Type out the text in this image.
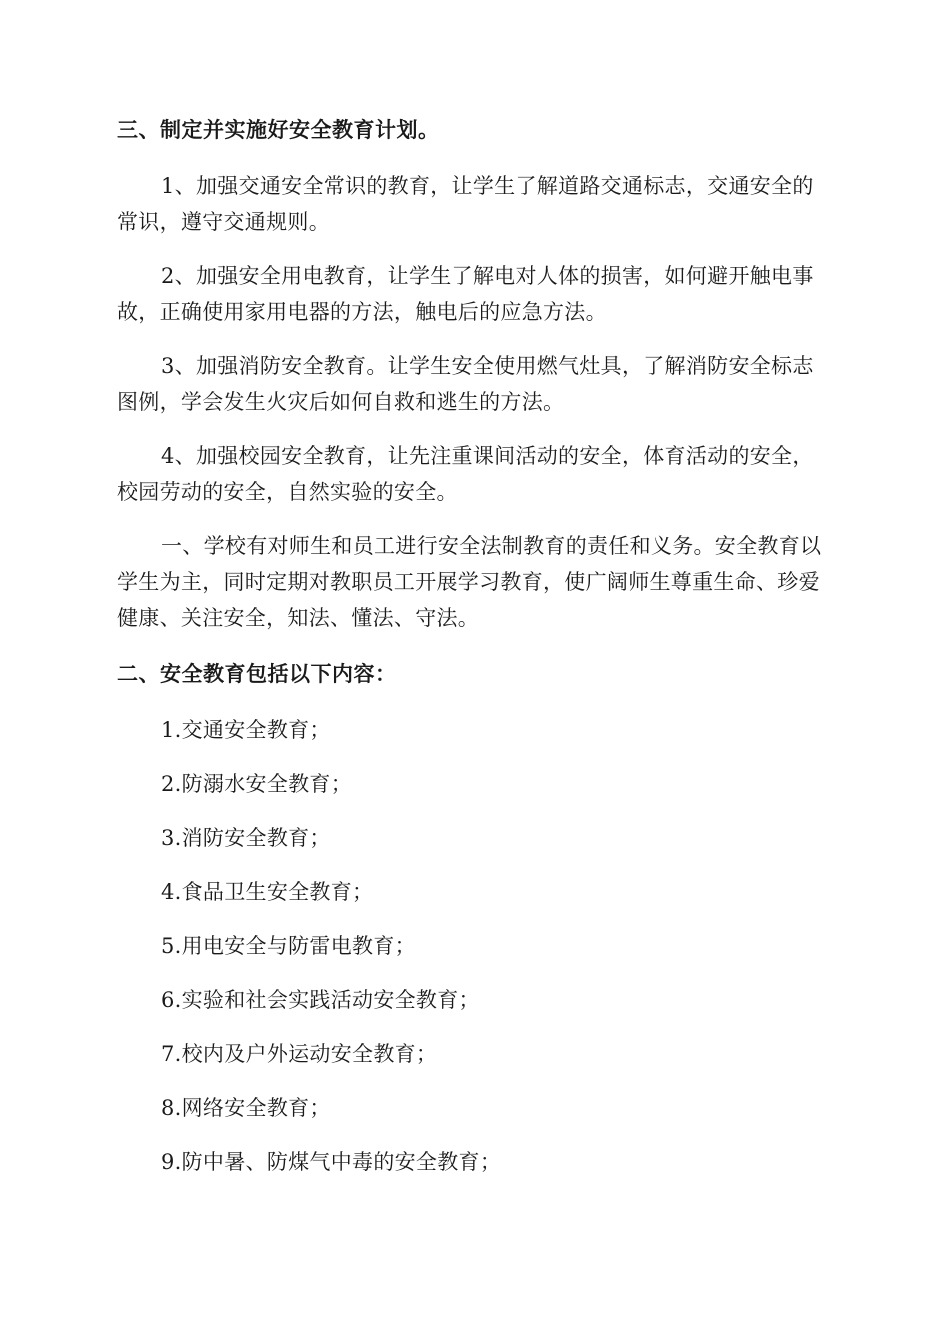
三、制定并实施好安全教育计划。

1、加强交通安全常识的教育，让学生了解道路交通标志，交通安全的常识，遵守交通规则。

2、加强安全用电教育，让学生了解电对人体的损害，如何避开触电事故，正确使用家用电器的方法，触电后的应急方法。

3、加强消防安全教育。让学生安全使用燃气灶具，了解消防安全标志图例，学会发生火灾后如何自救和逃生的方法。

4、加强校园安全教育，让先注重课间活动的安全，体育活动的安全，校园劳动的安全，自然实验的安全。

一、学校有对师生和员工进行安全法制教育的责任和义务。安全教育以学生为主，同时定期对教职员工开展学习教育，使广阔师生尊重生命、珍爱健康、关注安全，知法、懂法、守法。

二、安全教育包括以下内容：

1.交通安全教育；
2.防溺水安全教育；
3.消防安全教育；
4.食品卫生安全教育；
5.用电安全与防雷电教育；
6.实验和社会实践活动安全教育；
7.校内及户外运动安全教育；
8.网络安全教育；
9.防中暑、防煤气中毒的安全教育；
